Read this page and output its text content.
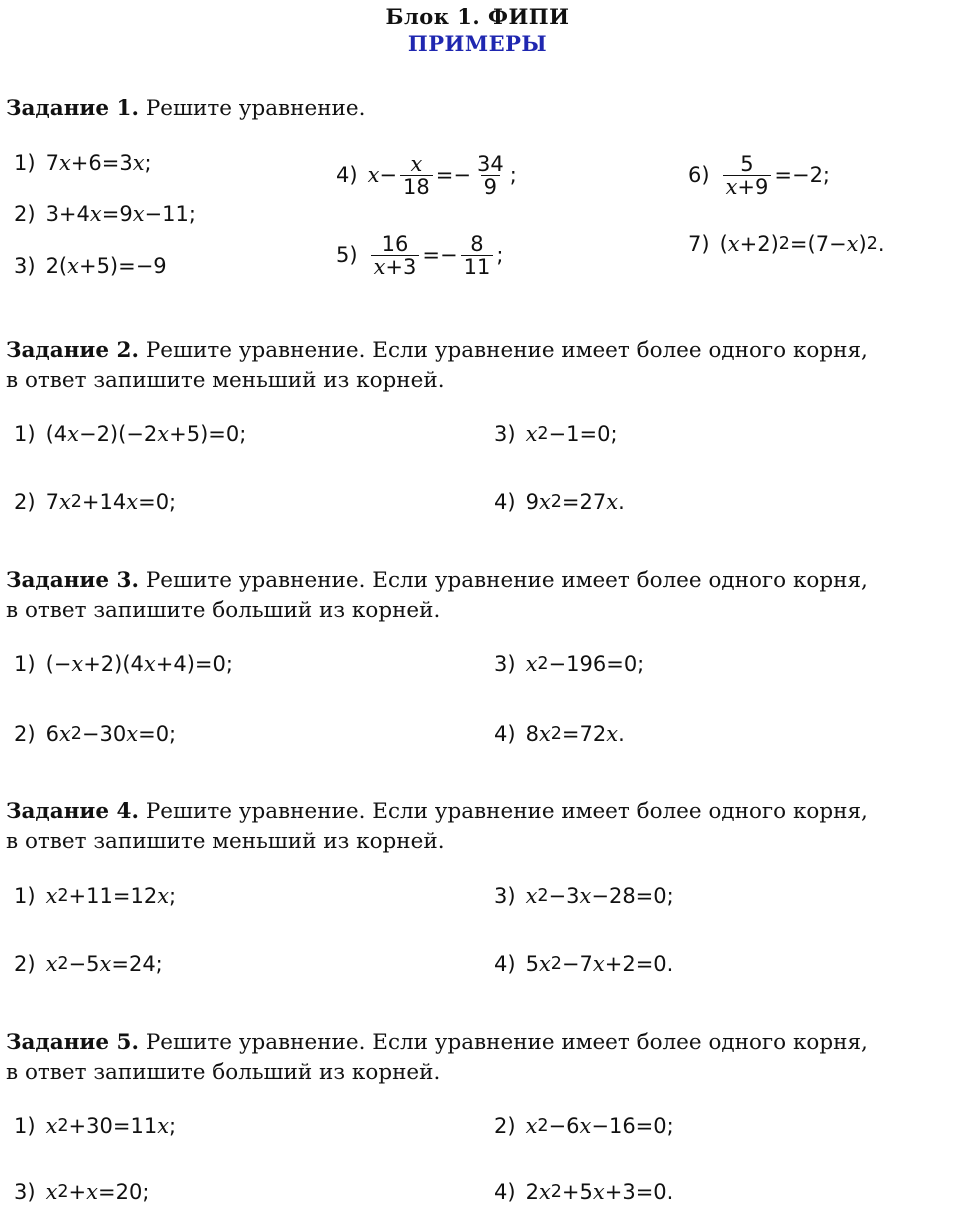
Блок 1. ФИПИ
ПРИМЕРЫ
Задание 1. Решите уравнение.
1) 7 x +6=3 x ;
2) 3+4 x =9 x −11;
3) 2( x +5)=−9
4) $x - \frac{x}{18} =- \frac{34}{9}$ ;
$5) \frac{16}{x+3} =- \frac{8}{11}$ ;
$6) \frac{5}{x+9} =-2$;
7) ( x +2) 2 =(7− x ) 2 .
Задание 2. Решите уравнение. Если уравнение имеет более одного корня,
в ответ запишите меньший из корней.
1) (4 x −2)(−2 x +5)=0;	3) x 2 −1=0;
2) 7 x 2 +14 x =0;	4) 9 x 2 =27 x .
Задание 3. Решите уравнение. Если уравнение имеет более одного корня,
в ответ запишите больший из корней.
1) (− x +2)(4 x +4)=0;	3) x 2 −196=0;
2) 6 x 2 −30 x =0;	4) 8 x 2 =72 x .
Задание 4. Решите уравнение. Если уравнение имеет более одного корня,
в ответ запишите меньший из корней.
1) x 2 +11=12 x ;	3) x 2 −3 x −28=0;
2) x 2 −5 x =24;	4) 5 x 2 −7 x +2=0.
Задание 5. Решите уравнение. Если уравнение имеет более одного корня,
в ответ запишите больший из корней.
1) x 2 +30=11 x ;	2) x 2 −6 x −16=0;
3) x 2 + x =20;	4) 2 x 2 +5 x +3=0.
